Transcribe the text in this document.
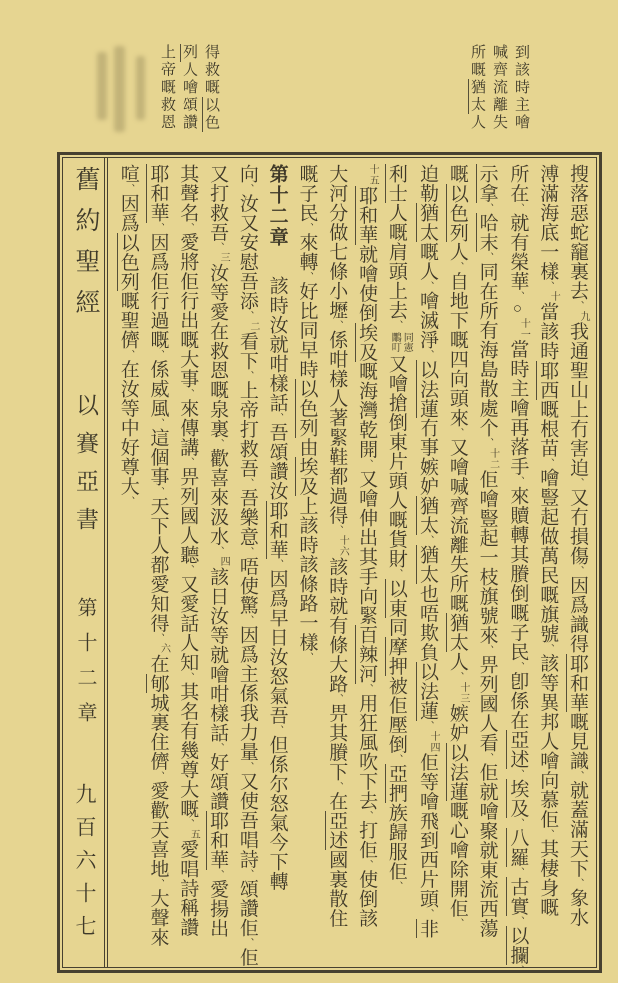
到該時主噲
喊齊流離失
所嘅猶太人
得救嘅以色
列人噲頌讚
上帝嘅救恩
舊約聖經 以賽亞書 第十二章 九百六十七
搜落惡蛇竉裏去、九我通聖山上冇害迫、又冇損傷、因爲識得耶和華嘅見識、就蓋滿天下、象水
溥滿海底一樣、十當該時耶西嘅根苗、噲豎起做萬民嘅旗號、該等異邦人噲向慕佢、其棲身嘅
所在、就有榮華、○十一當時主噲再落手、來贖轉其賸倒嘅子民、卽係在亞述、埃及、八羅、古實、以攔、
示拿、哈末、同在所有海島散處个、十二佢噲豎起一枝旗號來、畀列國人看、佢就噲聚就東流西蕩
嘅以色列人、自地下嘅四向頭來、又噲喊齊流離失所嘅猶太人、十三嫉妒以法蓮嘅心噲除開佢、
迫勒猶太嘅人、噲滅淨、以法蓮冇事嫉妒猶太、猶太也唔欺負以法蓮、十四佢等噲飛到西片頭、非
利士人嘅肩頭上去、
同憲
鷳叮
又噲搶倒東片頭人嘅貨財、以東同摩押被佢壓倒、亞捫族歸服佢、
十五耶和華就噲使倒埃及嘅海灣乾開、又噲伸出其手向緊百辣河、用狂風吹下去、打佢、使倒該
大河分做七條小壢、係咁樣人著緊鞋都過得、十六該時就有條大路、畀其賸下、在亞述國裏散住
嘅子民、來轉、好比同早時以色列由埃及上該時該條路一樣、
第十二章該時汝就咁樣話、吾頌讚汝耶和華、因爲早日汝怒氣吾、但係尔怒氣今下轉
向、汝又安慰吾添、二看下、上帝打救吾、吾樂意、唔使驚、因爲主係我力量、又使吾唱詩、頌讚佢、佢
又打救吾、三汝等愛在救恩嘅泉裏、歡喜來汲水、四該日汝等就噲咁樣話、好頌讚耶和華、愛揚出
其聲名、愛將佢行出嘅大事、來傳講、畀列國人聽、又愛話人知、其名有幾尊大嘅、五愛唱詩稱讚
耶和華、因爲佢行過嘅、係威風、這個事、天下人都愛知得、六在郇城裏住儕、愛歡天喜地、大聲來
喧、因爲以色列嘅聖儕、在汝等中好尊大、
